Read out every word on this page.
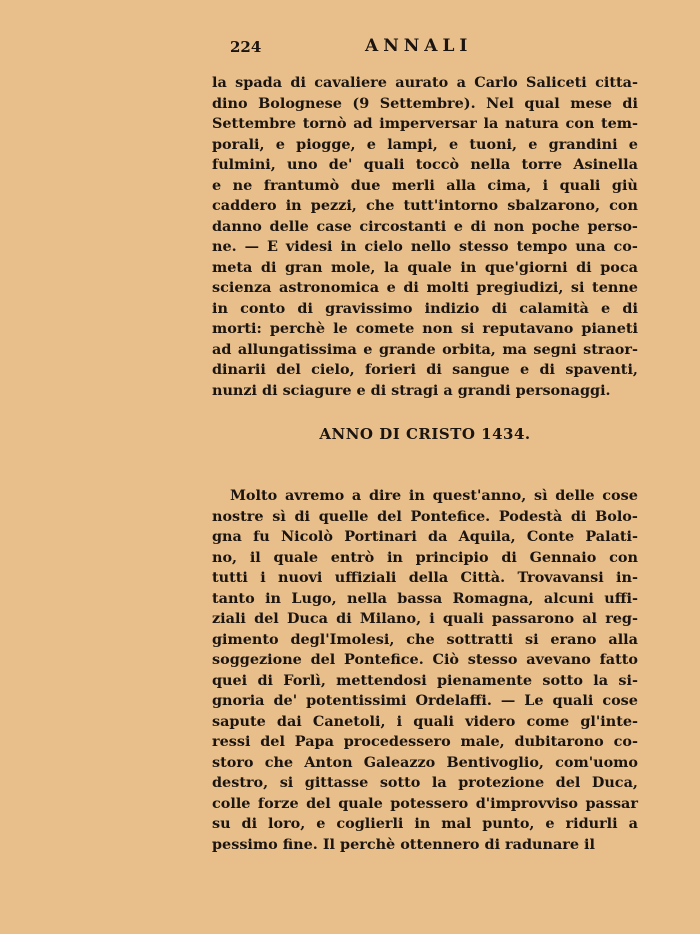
224	ANNALI
la spada di cavaliere aurato a Carlo Saliceti citta-
dino Bolognese (9 Settembre). Nel qual mese di
Settembre tornò ad imperversar la natura con tem-
porali, e piogge, e lampi, e tuoni, e grandini e
fulmini, uno de' quali toccò nella torre Asinella
e ne frantumò due merli alla cima, i quali giù
caddero in pezzi, che tutt'intorno sbalzarono, con
danno delle case circostanti e di non poche perso-
ne. — E videsi in cielo nello stesso tempo una co-
meta di gran mole, la quale in que'giorni di poca
scienza astronomica e di molti pregiudizi, si tenne
in conto di gravissimo indizio di calamità e di
morti: perchè le comete non si reputavano pianeti
ad allungatissima e grande orbita, ma segni straor-
dinarii del cielo, forieri di sangue e di spaventi,
nunzi di sciagure e di stragi a grandi personaggi.
ANNO DI CRISTO 1434.
Molto avremo a dire in quest'anno, sì delle cose
nostre sì di quelle del Pontefice. Podestà di Bolo-
gna fu Nicolò Portinari da Aquila, Conte Palati-
no, il quale entrò in principio di Gennaio con
tutti i nuovi uffiziali della Città. Trovavansi in-
tanto in Lugo, nella bassa Romagna, alcuni uffi-
ziali del Duca di Milano, i quali passarono al reg-
gimento degl'Imolesi, che sottratti si erano alla
soggezione del Pontefice. Ciò stesso avevano fatto
quei di Forlì, mettendosi pienamente sotto la si-
gnoria de' potentissimi Ordelaffi. — Le quali cose
sapute dai Canetoli, i quali videro come gl'inte-
ressi del Papa procedessero male, dubitarono co-
storo che Anton Galeazzo Bentivoglio, com'uomo
destro, si gittasse sotto la protezione del Duca,
colle forze del quale potessero d'improvviso passar
su di loro, e coglierli in mal punto, e ridurli a
pessimo fine. Il perchè ottennero di radunare il
